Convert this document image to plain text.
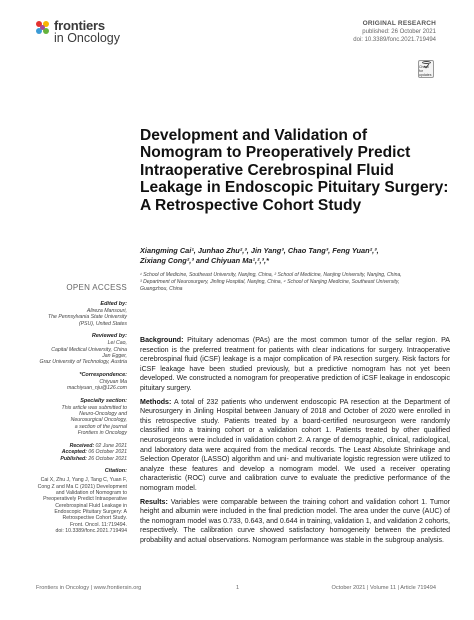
frontiers
in Oncology
ORIGINAL RESEARCH
published: 26 October 2021
doi: 10.3389/fonc.2021.719494
Check for updates
Development and Validation of Nomogram to Preoperatively Predict Intraoperative Cerebrospinal Fluid Leakage in Endoscopic Pituitary Surgery: A Retrospective Cohort Study
Xiangming Cai¹, Junhao Zhu²,³, Jin Yang³, Chao Tang³, Feng Yuan²,³,
Zixiang Cong²,³ and Chiyuan Ma¹,²,³,*
¹ School of Medicine, Southeast University, Nanjing, China, ² School of Medicine, Nanjing University, Nanjing, China,
³ Department of Neurosurgery, Jinling Hospital, Nanjing, China, ⁴ School of Nanjing Medicine, Southeast University,
Guangzhou, China
OPEN ACCESS
Edited by:
Alireza Mansouri,
The Pennsylvania State University
(PSU), United States
Reviewed by:
Lei Cao,
Capital Medical University, China
Jan Egger,
Graz University of Technology, Austria
*Correspondence:
Chiyuan Ma
machiyuan_nju@126.com
Specialty section:
This article was submitted to
Neuro-Oncology and
Neurosurgical Oncology,
a section of the journal
Frontiers in Oncology
Received: 02 June 2021
Accepted: 06 October 2021
Published: 26 October 2021
Citation:
Cai X, Zhu J, Yang J, Tang C, Yuan F,
Cong Z and Ma C (2021) Development
and Validation of Nomogram to
Preoperatively Predict Intraoperative
Cerebrospinal Fluid Leakage in
Endoscopic Pituitary Surgery: A
Retrospective Cohort Study.
Front. Oncol. 11:719494.
doi: 10.3389/fonc.2021.719494

Background: Pituitary adenomas (PAs) are the most common tumor of the sellar region. PA resection is the preferred treatment for patients with clear indications for surgery. Intraoperative cerebrospinal fluid (iCSF) leakage is a major complication of PA resection surgery. Risk factors for iCSF leakage have been studied previously, but a predictive nomogram has not yet been developed. We constructed a nomogram for preoperative prediction of iCSF leakage in endoscopic pituitary surgery.

Methods: A total of 232 patients who underwent endoscopic PA resection at the Department of Neurosurgery in Jinling Hospital between January of 2018 and October of 2020 were enrolled in this retrospective study. Patients treated by a board-certified neurosurgeon were randomly classified into a training cohort or a validation cohort 1. Patients treated by other qualified neurosurgeons were included in validation cohort 2. A range of demographic, clinical, radiological, and laboratory data were acquired from the medical records. The Least Absolute Shrinkage and Selection Operator (LASSO) algorithm and uni- and multivariate logistic regression were utilized to analyze these features and develop a nomogram model. We used a receiver operating characteristic (ROC) curve and calibration curve to evaluate the predictive performance of the nomogram model.

Results: Variables were comparable between the training cohort and validation cohort 1. Tumor height and albumin were included in the final prediction model. The area under the curve (AUC) of the nomogram model was 0.733, 0.643, and 0.644 in training, validation 1, and validation 2 cohorts, respectively. The calibration curve showed satisfactory homogeneity between the predicted probability and actual observations. Nomogram performance was stable in the subgroup analysis.

Frontiers in Oncology | www.frontiersin.org	1	October 2021 | Volume 11 | Article 719494
